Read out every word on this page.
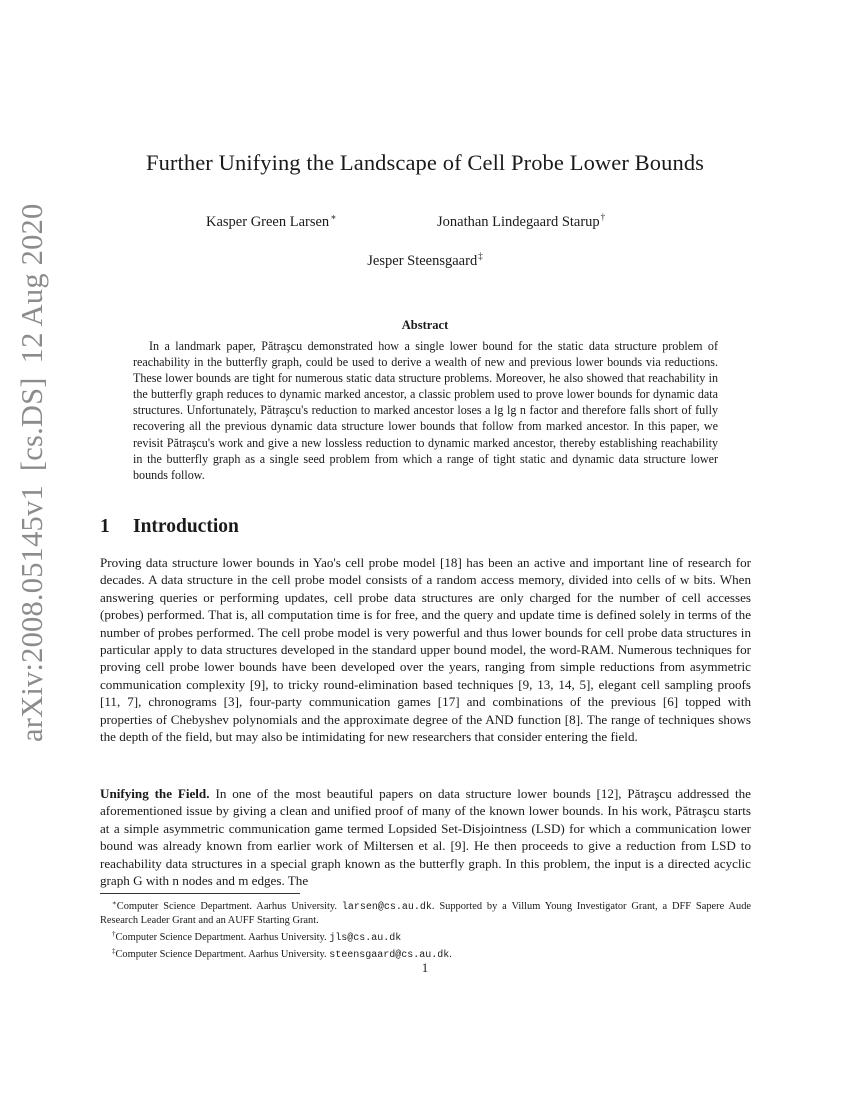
arXiv:2008.05145v1[cs.DS]12 Aug 2020
Further Unifying the Landscape of Cell Probe Lower Bounds
Kasper Green Larsen∗	Jonathan Lindegaard Starup†
Jesper Steensgaard‡
Abstract
In a landmark paper, Pătraşcu demonstrated how a single lower bound for the static data structure problem of reachability in the butterfly graph, could be used to derive a wealth of new and previous lower bounds via reductions. These lower bounds are tight for numerous static data structure problems. Moreover, he also showed that reachability in the butterfly graph reduces to dynamic marked ancestor, a classic problem used to prove lower bounds for dynamic data structures. Unfortunately, Pătraşcu's reduction to marked ancestor loses a lg lg n factor and therefore falls short of fully recovering all the previous dynamic data structure lower bounds that follow from marked ancestor. In this paper, we revisit Pătraşcu's work and give a new lossless reduction to dynamic marked ancestor, thereby establishing reachability in the butterfly graph as a single seed problem from which a range of tight static and dynamic data structure lower bounds follow.
1 Introduction
Proving data structure lower bounds in Yao's cell probe model [18] has been an active and important line of research for decades. A data structure in the cell probe model consists of a random access memory, divided into cells of w bits. When answering queries or performing updates, cell probe data structures are only charged for the number of cell accesses (probes) performed. That is, all computation time is for free, and the query and update time is defined solely in terms of the number of probes performed. The cell probe model is very powerful and thus lower bounds for cell probe data structures in particular apply to data structures developed in the standard upper bound model, the word-RAM. Numerous techniques for proving cell probe lower bounds have been developed over the years, ranging from simple reductions from asymmetric communication complexity [9], to tricky round-elimination based techniques [9, 13, 14, 5], elegant cell sampling proofs [11, 7], chronograms [3], four-party communication games [17] and combinations of the previous [6] topped with properties of Chebyshev polynomials and the approximate degree of the AND function [8]. The range of techniques shows the depth of the field, but may also be intimidating for new researchers that consider entering the field.
Unifying the Field. In one of the most beautiful papers on data structure lower bounds [12], Pătraşcu addressed the aforementioned issue by giving a clean and unified proof of many of the known lower bounds. In his work, Pătraşcu starts at a simple asymmetric communication game termed Lopsided Set-Disjointness (LSD) for which a communication lower bound was already known from earlier work of Miltersen et al. [9]. He then proceeds to give a reduction from LSD to reachability data structures in a special graph known as the butterfly graph. In this problem, the input is a directed acyclic graph G with n nodes and m edges. The
∗Computer Science Department. Aarhus University. larsen@cs.au.dk. Supported by a Villum Young Investigator Grant, a DFF Sapere Aude Research Leader Grant and an AUFF Starting Grant.
†Computer Science Department. Aarhus University. jls@cs.au.dk
‡Computer Science Department. Aarhus University. steensgaard@cs.au.dk.
1
